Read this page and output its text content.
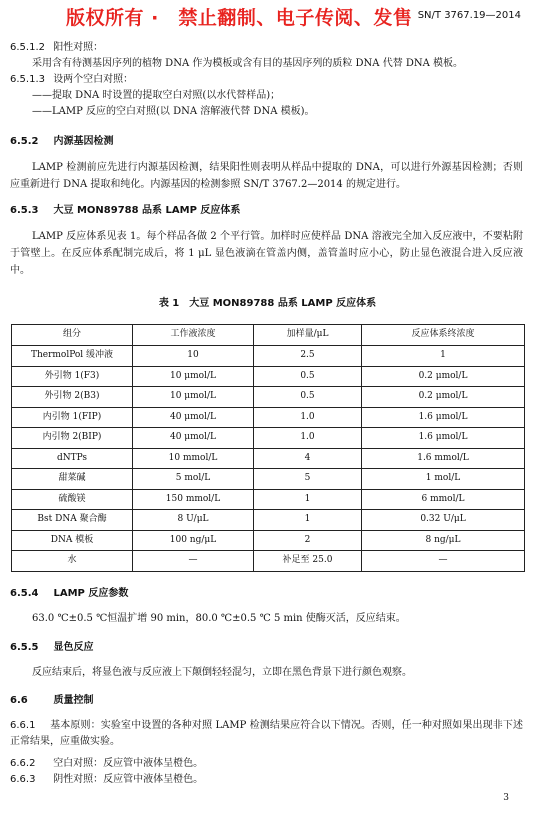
版权所有 ·　禁止翻制、电子传阅、发售 SN/T 3767.19—2014
6.5.1.2 阳性对照：
采用含有待测基因序列的植物 DNA 作为模板或含有目的基因序列的质粒 DNA 代替 DNA 模板。
6.5.1.3 设两个空白对照：
——提取 DNA 时设置的提取空白对照(以水代替样品)；
——LAMP 反应的空白对照(以 DNA 溶解液代替 DNA 模板)。
6.5.2 内源基因检测
LAMP 检测前应先进行内源基因检测，结果阳性则表明从样品中提取的 DNA，可以进行外源基因检测；否则应重新进行 DNA 提取和纯化。内源基因的检测参照 SN/T 3767.2—2014 的规定进行。
6.5.3 大豆 MON89788 品系 LAMP 反应体系
LAMP 反应体系见表 1。每个样品各做 2 个平行管。加样时应使样品 DNA 溶液完全加入反应液中，不要粘附于管壁上。在反应体系配制完成后，将 1 μL 显色液滴在管盖内侧，盖管盖时应小心，防止显色液混合进入反应液中。
表 1　大豆 MON89788 品系 LAMP 反应体系
组分	工作液浓度	加样量/μL	反应体系终浓度
ThermolPol 缓冲液	10	2.5	1
外引物 1(F3)	10 μmol/L	0.5	0.2 μmol/L
外引物 2(B3)	10 μmol/L	0.5	0.2 μmol/L
内引物 1(FIP)	40 μmol/L	1.0	1.6 μmol/L
内引物 2(BIP)	40 μmol/L	1.0	1.6 μmol/L
dNTPs	10 mmol/L	4	1.6 mmol/L
甜菜碱	5 mol/L	5	1 mol/L
硫酸镁	150 mmol/L	1	6 mmol/L
Bst DNA 聚合酶	8 U/μL	1	0.32 U/μL
DNA 模板	100 ng/μL	2	8 ng/μL
水	—	补足至 25.0	—
6.5.4 LAMP 反应参数
63.0 ℃±0.5 ℃恒温扩增 90 min，80.0 ℃±0.5 ℃ 5 min 使酶灭活，反应结束。
6.5.5 显色反应
反应结束后，将显色液与反应液上下颠倒轻轻混匀，立即在黑色背景下进行颜色观察。
6.6	质量控制
6.6.1 基本原则：实验室中设置的各种对照 LAMP 检测结果应符合以下情况。否则，任一种对照如果出现非下述正常结果，应重做实验。
6.6.2 空白对照：反应管中液体呈橙色。
6.6.3 阴性对照：反应管中液体呈橙色。
3
